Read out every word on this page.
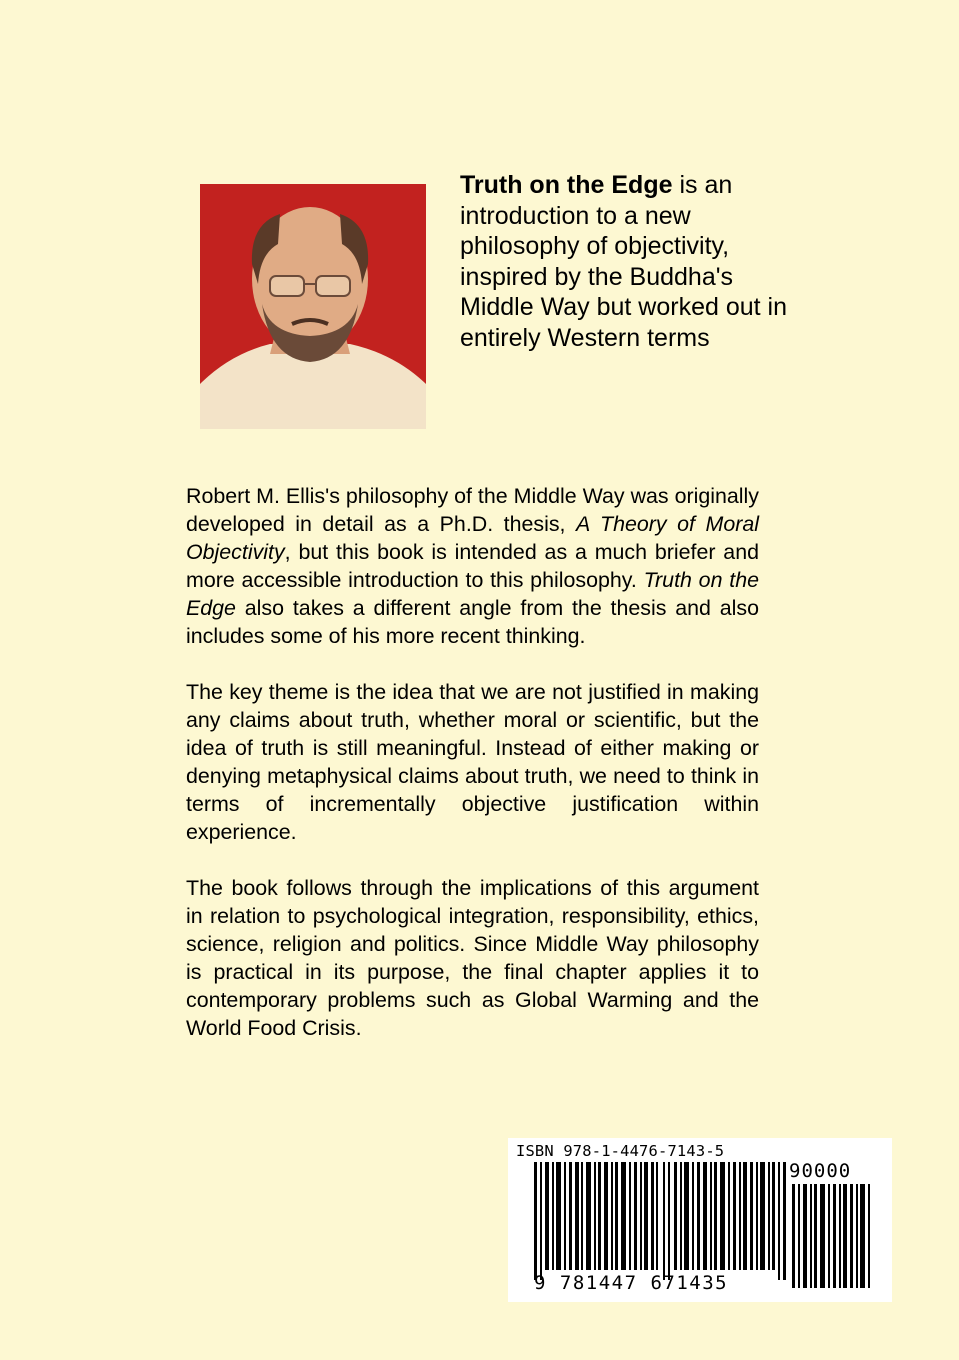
Truth on the Edge is an introduction to a new philosophy of objectivity, inspired by the Buddha's Middle Way but worked out in entirely Western terms

Robert M. Ellis's philosophy of the Middle Way was originally developed in detail as a Ph.D. thesis, A Theory of Moral Objectivity, but this book is intended as a much briefer and more accessible introduction to this philosophy. Truth on the Edge also takes a different angle from the thesis and also includes some of his more recent thinking.

The key theme is the idea that we are not justified in making any claims about truth, whether moral or scientific, but the idea of truth is still meaningful. Instead of either making or denying metaphysical claims about truth, we need to think in terms of incrementally objective justification within experience.

The book follows through the implications of this argument in relation to psychological integration, responsibility, ethics, science, religion and politics. Since Middle Way philosophy is practical in its purpose, the final chapter applies it to contemporary problems such as Global Warming and the World Food Crisis.

ISBN 978-1-4476-7143-5
90000
9 781447 671435
